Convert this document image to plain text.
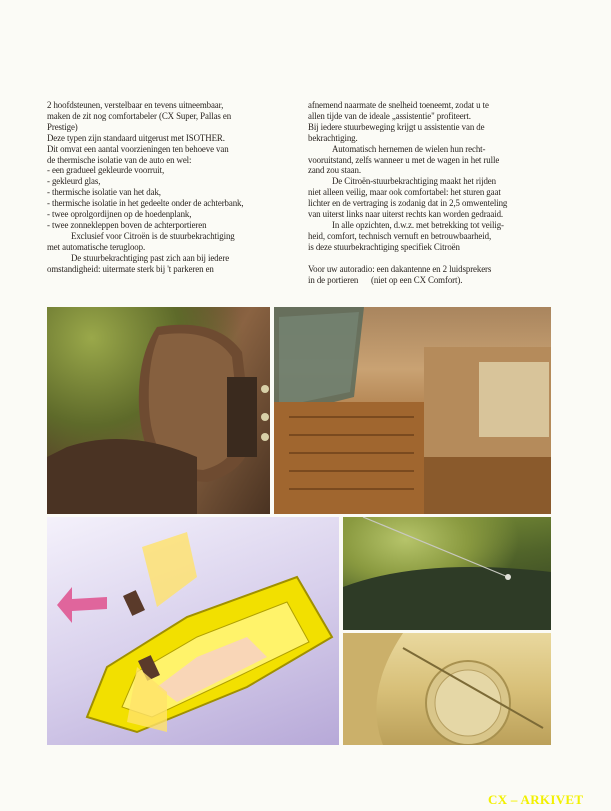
2 hoofdsteunen, verstelbaar en tevens uitneembaar,

maken de zit nog comfortabeler (CX Super, Pallas en

Prestige)

Deze typen zijn standaard uitgerust met ISOTHER.

Dit omvat een aantal voorzieningen ten behoeve van

de thermische isolatie van de auto en wel:

- een gradueel gekleurde voorruit,

- gekleurd glas,

- thermische isolatie van het dak,

- thermische isolatie in het gedeelte onder de achterbank,

- twee oprolgordijnen op de hoedenplank,

- twee zonnekleppen boven de achterportieren

Exclusief voor Citroën is de stuurbekrachtiging

met automatische terugloop.

De stuurbekrachtiging past zich aan bij iedere

omstandigheid: uitermate sterk bij 't parkeren en

afnemend naarmate de snelheid toeneemt, zodat u te

allen tijde van de ideale „assistentie" profiteert.

Bij iedere stuurbeweging krijgt u assistentie van de

bekrachtiging.

Automatisch hernemen de wielen hun recht-

vooruitstand, zelfs wanneer u met de wagen in het rulle

zand zou staan.

De Citroën-stuurbekrachtiging maakt het rijden

niet alleen veilig, maar ook comfortabel: het sturen gaat

lichter en de vertraging is zodanig dat in 2,5 omwenteling

van uiterst links naar uiterst rechts kan worden gedraaid.

In alle opzichten, d.w.z. met betrekking tot veilig-

heid, comfort, technisch vernuft en betrouwbaarheid,

is deze stuurbekrachtiging specifiek Citroën

Voor uw autoradio: een dakantenne en 2 luidsprekers

in de portieren      (niet op een CX Comfort).

CX – ARKIVET
